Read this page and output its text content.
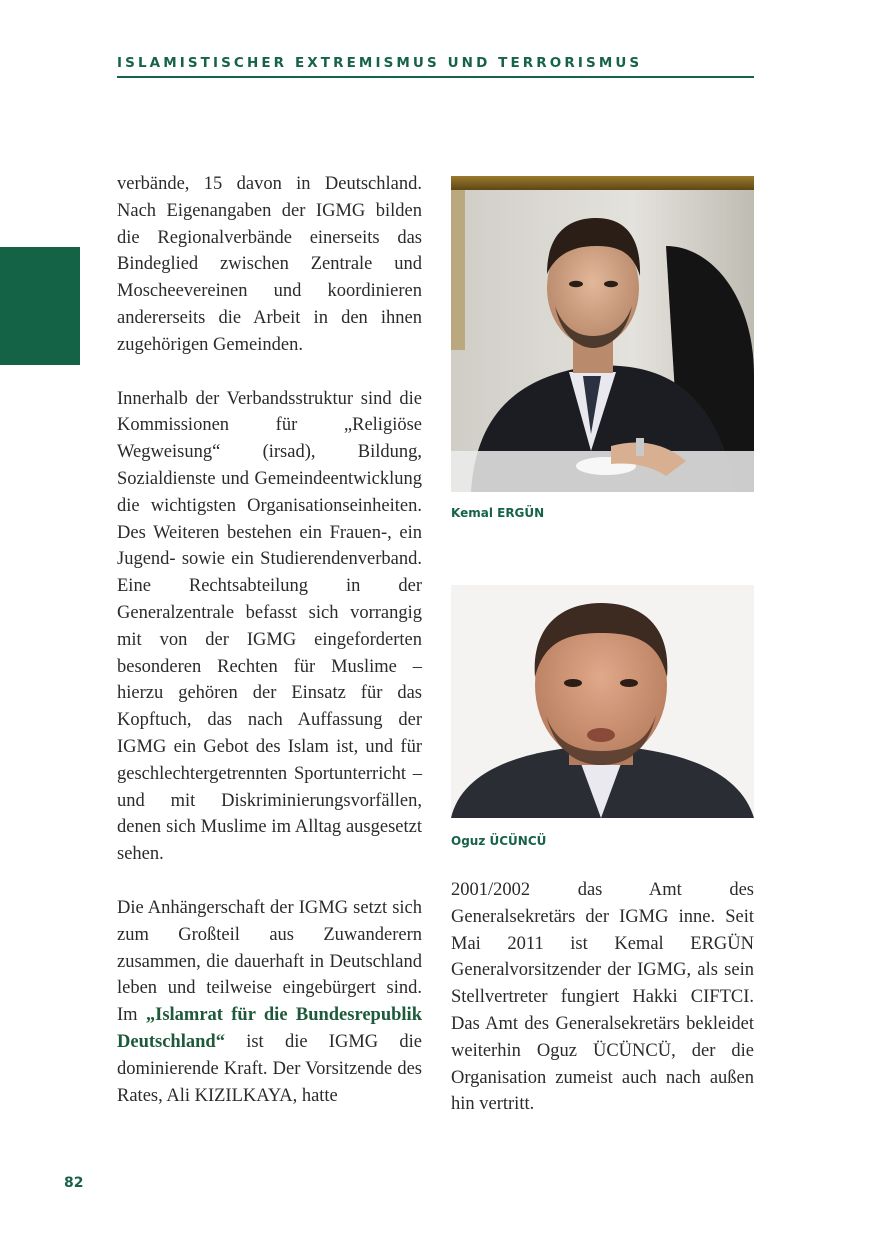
ISLAMISTISCHER EXTREMISMUS UND TERRORISMUS

verbände, 15 davon in Deutschland. Nach Eigenangaben der IGMG bilden die Regionalverbände einerseits das Bindeglied zwischen Zentrale und Moscheevereinen und koordinieren andererseits die Arbeit in den ihnen zugehörigen Gemeinden.

Innerhalb der Verbandsstruktur sind die Kommissionen für „Religiöse Wegweisung“ (irsad), Bildung, Sozialdienste und Gemeindeentwicklung die wichtigsten Organisationseinheiten. Des Weiteren bestehen ein Frauen-, ein Jugend- sowie ein Studierendenverband. Eine Rechtsabteilung in der Generalzentrale befasst sich vorrangig mit von der IGMG eingeforderten besonderen Rechten für Muslime – hierzu gehören der Einsatz für das Kopftuch, das nach Auffassung der IGMG ein Gebot des Islam ist, und für geschlechtergetrennten Sportunterricht – und mit Diskriminierungsvorfällen, denen sich Muslime im Alltag ausgesetzt sehen.

Die Anhängerschaft der IGMG setzt sich zum Großteil aus Zuwanderern zusammen, die dauerhaft in Deutschland leben und teilweise eingebürgert sind. Im „Islamrat für die Bundesrepublik Deutschland“ ist die IGMG die dominierende Kraft. Der Vorsitzende des Rates, Ali KIZILKAYA, hatte

Kemal ERGÜN
Oguz ÜCÜNCÜ

2001/2002 das Amt des Generalsekretärs der IGMG inne. Seit Mai 2011 ist Kemal ERGÜN Generalvorsitzender der IGMG, als sein Stellvertreter fungiert Hakki CIFTCI. Das Amt des Generalsekretärs bekleidet weiterhin Oguz ÜCÜNCÜ, der die Organisation zumeist auch nach außen hin vertritt.

82
